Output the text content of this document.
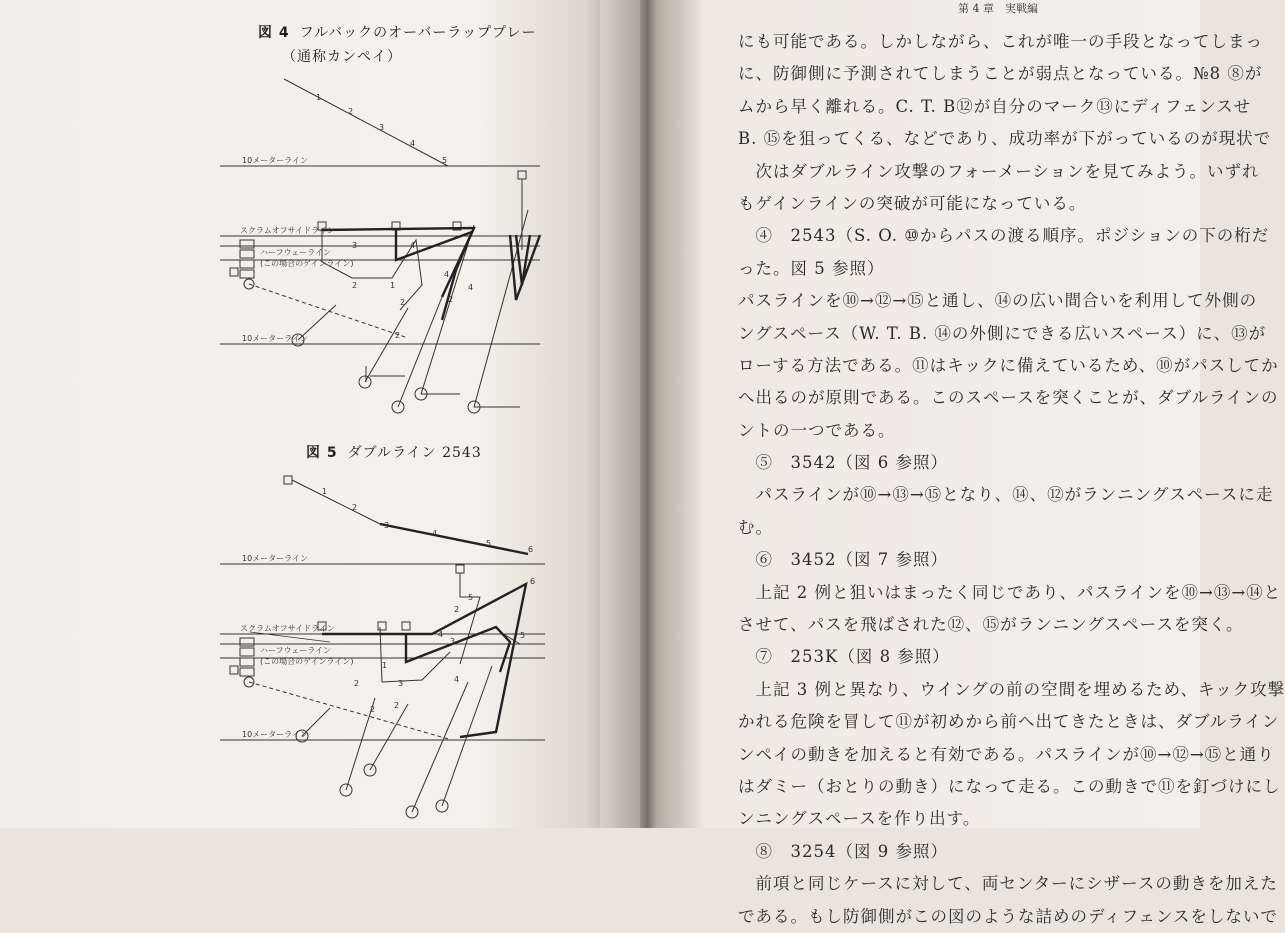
図 4 フルバックのオーバーラッププレー
（通称カンペイ）
1
2
3
4
5
10メーターライン
スクラムオフサイドライン
ハーフウェーライン
(この場合のゲインライン)
10メーターライン
3	4
2	1
4
2
2
4
2
図 5 ダブルライン 2543
1
2
3
4
5
6
10メーターライン
スクラムオフサイドライン
ハーフウェーライン
(この場合のゲインライン)
10メーターライン
2
5
4
3
1
2	3	4
2 2
5
6
第 4 章　実戦編
にも可能である。しかしながら、これが唯一の手段となってしまっ
に、防御側に予測されてしまうことが弱点となっている。№8 ⑧が
ムから早く離れる。C. T. B⑫が自分のマーク⑬にディフェンスせ
B. ⑮を狙ってくる、などであり、成功率が下がっているのが現状で
　次はダブルライン攻撃のフォーメーションを見てみよう。いずれ
もゲインラインの突破が可能になっている。
　④　2543（S. O. ⑩からパスの渡る順序。ポジションの下の桁だ
った。図 5 参照）
パスラインを⑩→⑫→⑮と通し、⑭の広い間合いを利用して外側の
ングスペース（W. T. B. ⑭の外側にできる広いスペース）に、⑬が
ローする方法である。⑪はキックに備えているため、⑩がパスしてか
へ出るのが原則である。このスペースを突くことが、ダブルラインの
ントの一つである。
　⑤　3542（図 6 参照）
　パスラインが⑩→⑬→⑮となり、⑭、⑫がランニングスペースに走
む。
　⑥　3452（図 7 参照）
　上記 2 例と狙いはまったく同じであり、パスラインを⑩→⑬→⑭と
させて、パスを飛ばされた⑫、⑮がランニングスペースを突く。
　⑦　253K（図 8 参照）
　上記 3 例と異なり、ウイングの前の空間を埋めるため、キック攻撃
かれる危険を冒して⑪が初めから前へ出てきたときは、ダブルライン
ンペイの動きを加えると有効である。パスラインが⑩→⑫→⑮と通り
はダミー（おとりの動き）になって走る。この動きで⑪を釘づけにし
ンニングスペースを作り出す。
　⑧　3254（図 9 参照）
　前項と同じケースに対して、両センターにシザースの動きを加えた
である。もし防御側がこの図のような詰めのディフェンスをしないで
